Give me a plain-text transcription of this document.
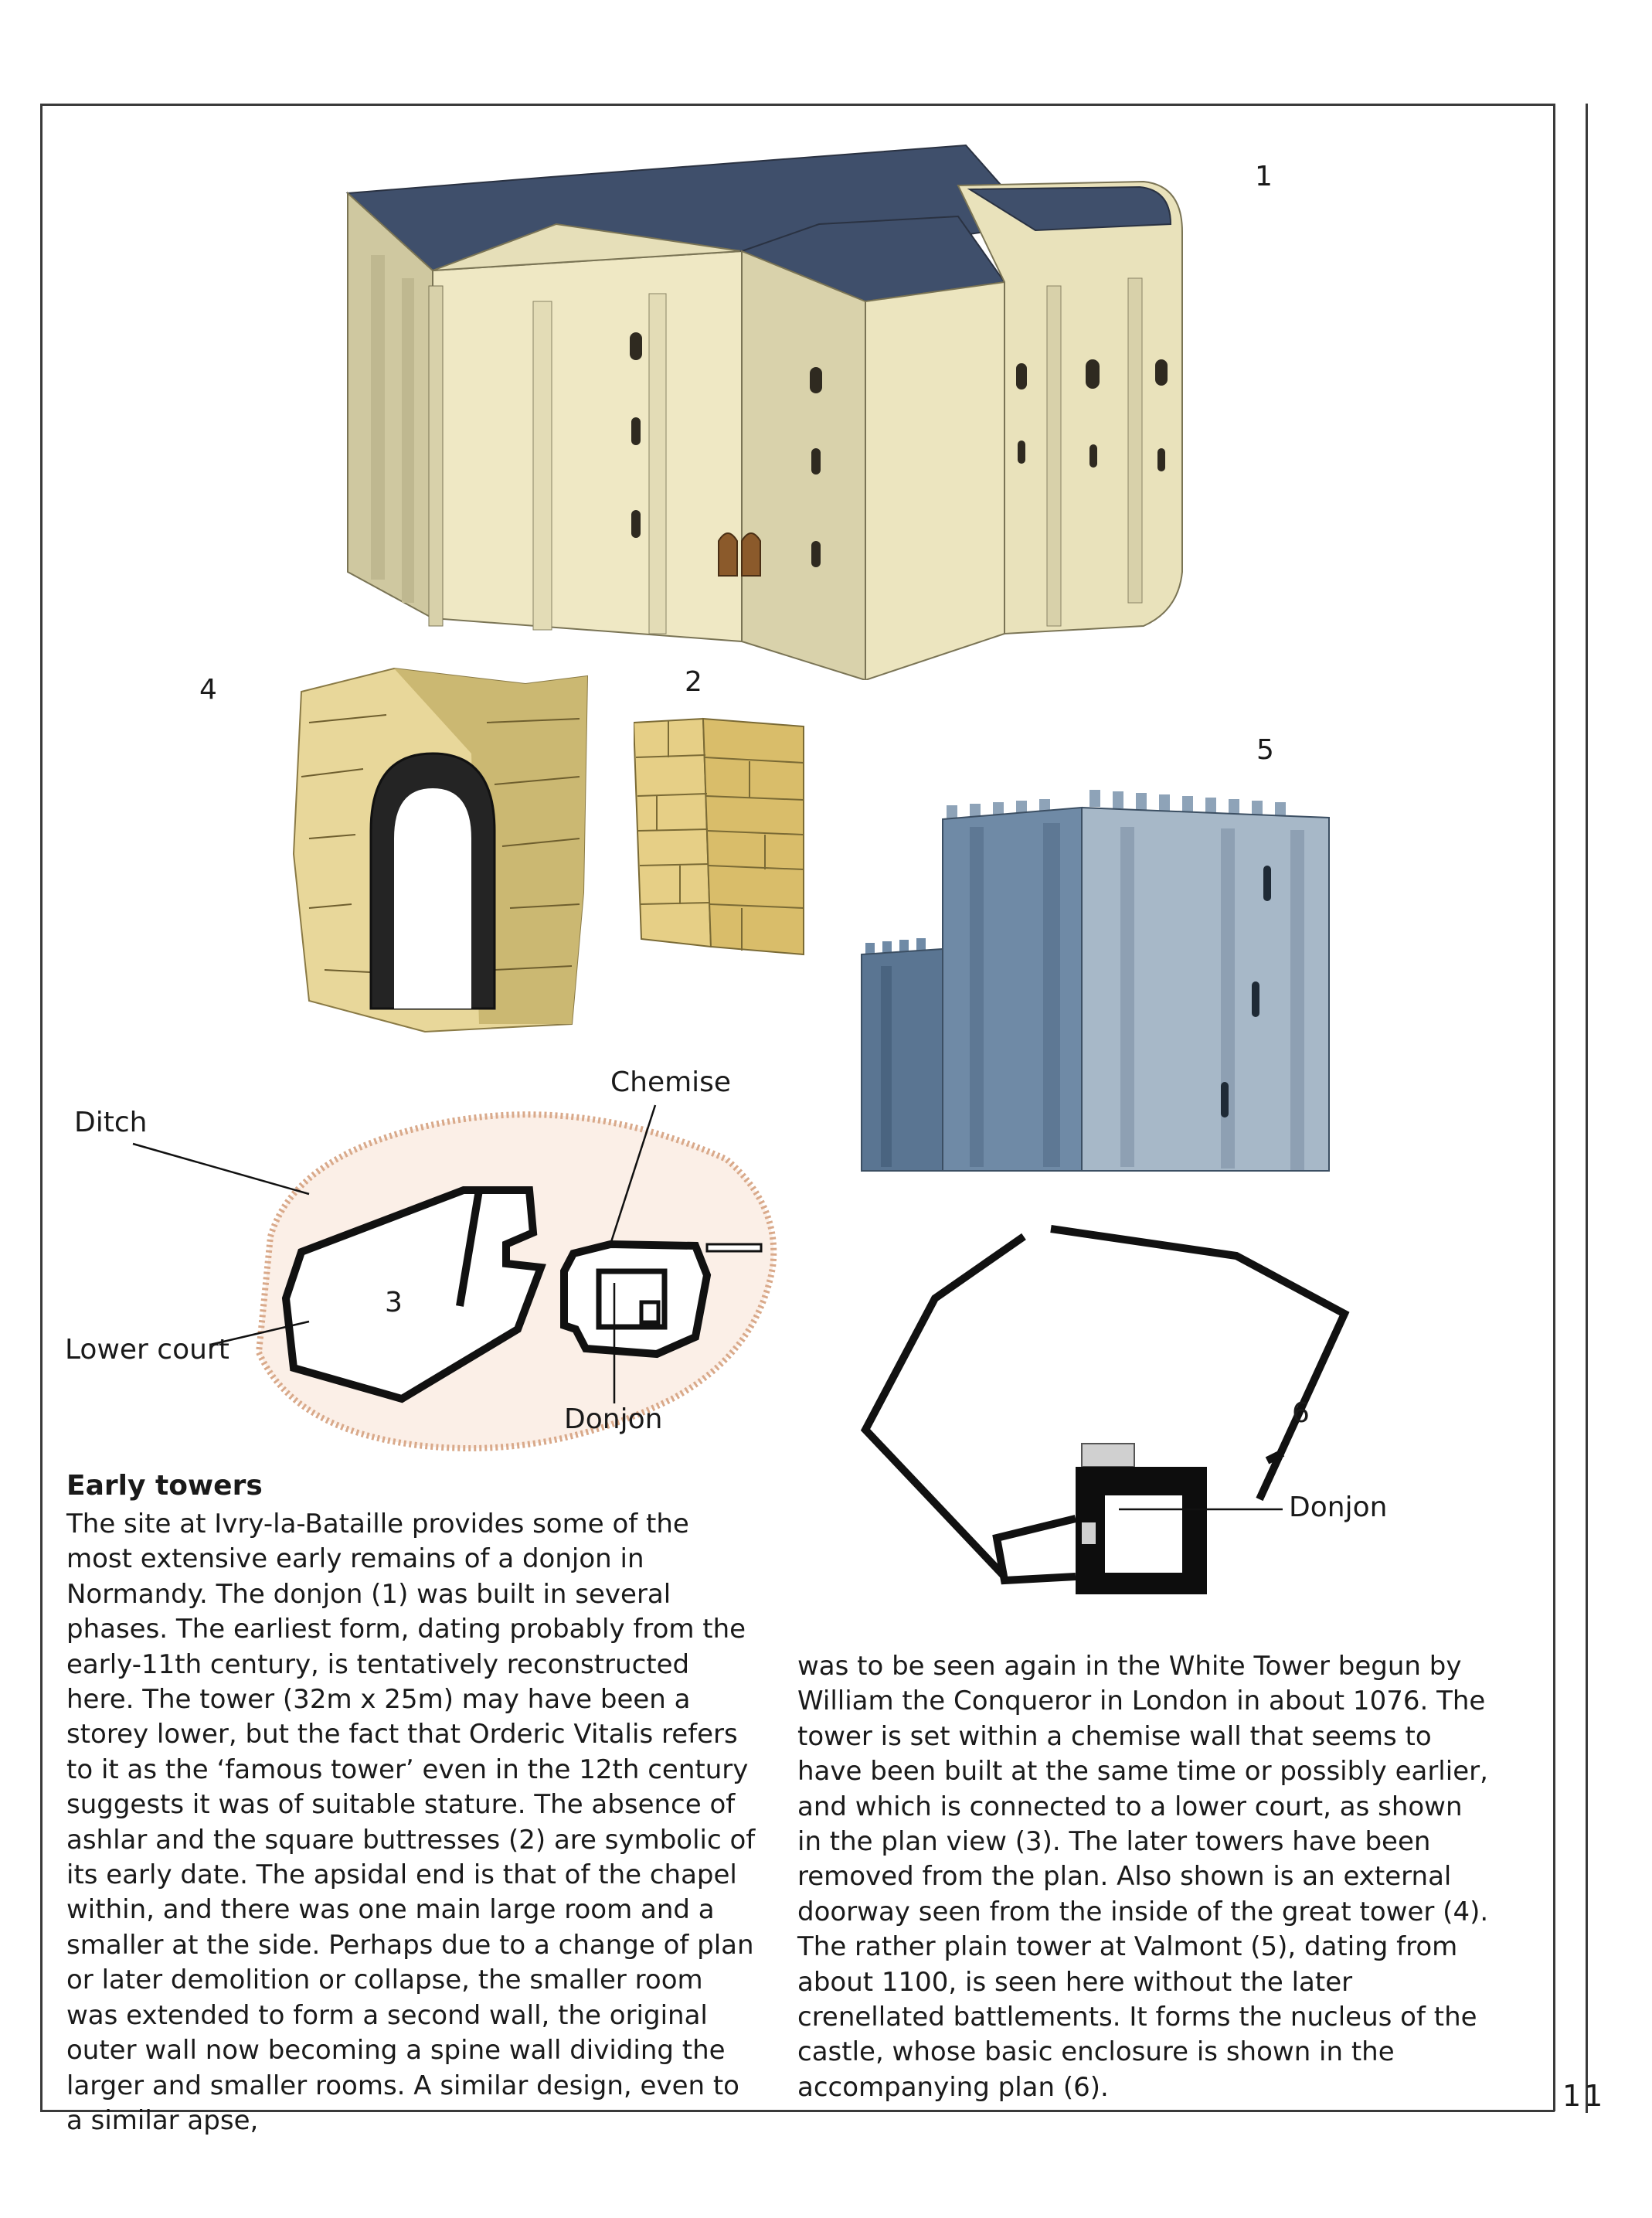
1
4	2
5
3
6
Chemise
Ditch
Lower court
Donjon
Donjon
Early towers

The site at Ivry-la-Bataille provides some of the most extensive early remains of a donjon in Normandy. The donjon (1) was built in several phases. The earliest form, dating probably from the early-11th century, is tentatively reconstructed here. The tower (32m x 25m) may have been a storey lower, but the fact that Orderic Vitalis refers to it as the ‘famous tower’ even in the 12th century suggests it was of suitable stature. The absence of ashlar and the square buttresses (2) are symbolic of its early date. The apsidal end is that of the chapel within, and there was one main large room and a smaller at the side. Perhaps due to a change of plan or later demolition or collapse, the smaller room was extended to form a second wall, the original outer wall now becoming a spine wall dividing the larger and smaller rooms. A similar design, even to a similar apse,

was to be seen again in the White Tower begun by William the Conqueror in London in about 1076. The tower is set within a chemise wall that seems to have been built at the same time or possibly earlier, and which is connected to a lower court, as shown in the plan view (3). The later towers have been removed from the plan. Also shown is an external doorway seen from the inside of the great tower (4). The rather plain tower at Valmont (5), dating from about 1100, is seen here without the later crenellated battlements. It forms the nucleus of the castle, whose basic enclosure is shown in the accompanying plan (6).	11
